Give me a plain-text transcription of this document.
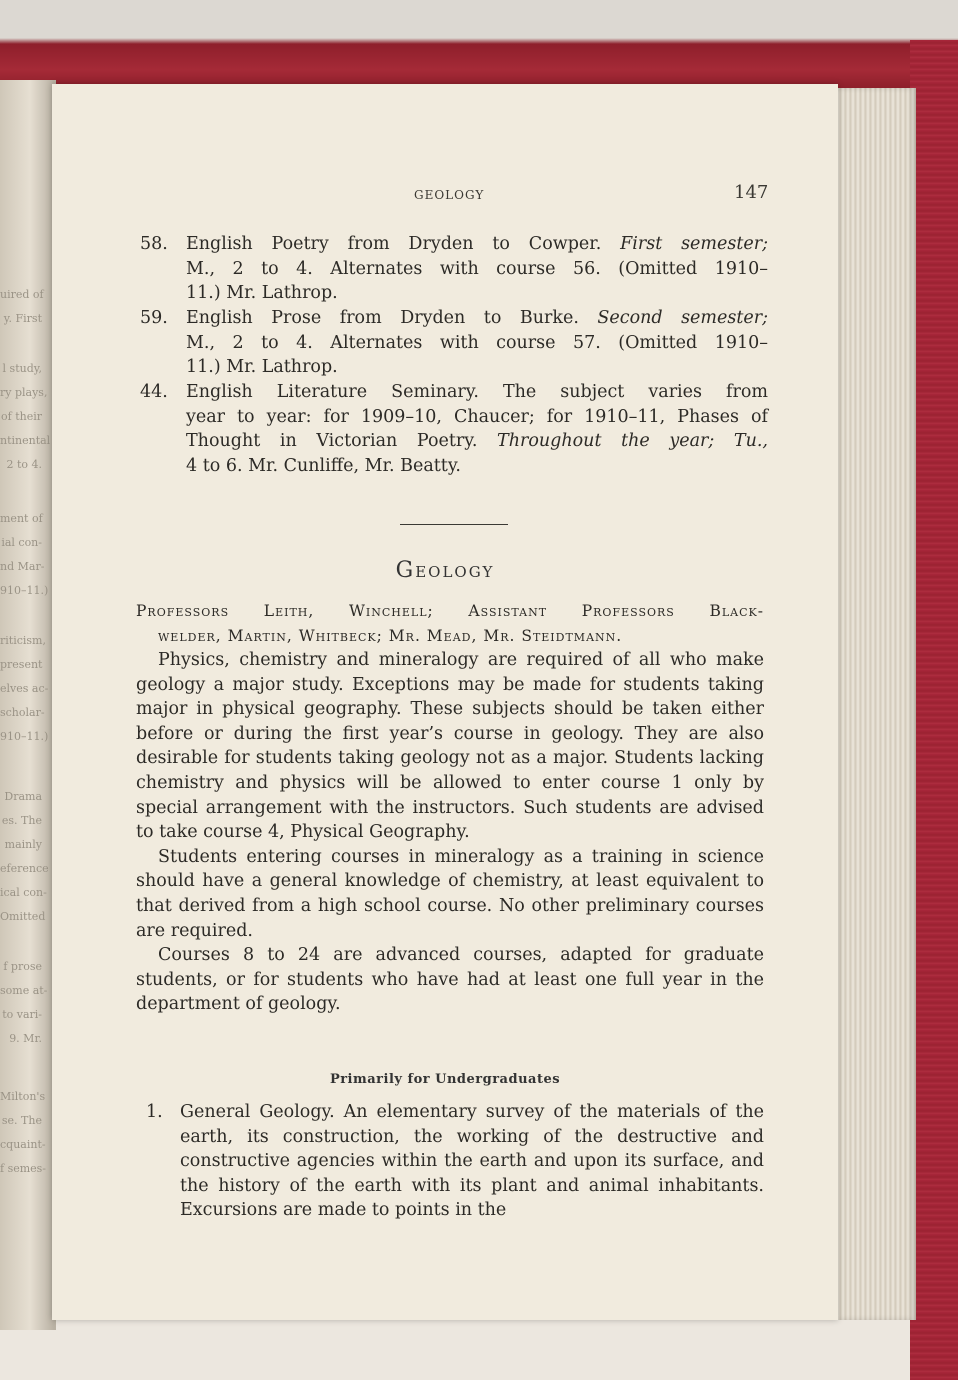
uired of
y. First
l study,
ry plays,
of their
ntinental
2 to 4.
ment of
ial con-
nd Mar-
910–11.)
riticism,
present
elves ac-
scholar-
910–11.)
Drama
es. The
mainly
eference
ical con-
Omitted
f prose
some at-
to vari-
9. Mr.
Milton's
se. The
cquaint-
f semes-
GEOLOGY	147
58. English Poetry from Dryden to Cowper. First semester;
M., 2 to 4. Alternates with course 56. (Omitted 1910–
11.) Mr. Lathrop.
59. English Prose from Dryden to Burke. Second semester;
M., 2 to 4. Alternates with course 57. (Omitted 1910–
11.) Mr. Lathrop.
44. English Literature Seminary. The subject varies from
year to year: for 1909–10, Chaucer; for 1910–11, Phases of
Thought in Victorian Poetry. Throughout the year; Tu.,
4 to 6. Mr. Cunliffe, Mr. Beatty.
Geology
Professors Leith, Winchell; Assistant Professors Black-
welder, Martin, Whitbeck; Mr. Mead, Mr. Steidtmann.
Physics, chemistry and mineralogy are required of all who make geology a major study. Exceptions may be made for students taking major in physical geography. These subjects should be taken either before or during the first year’s course in geology. They are also desirable for students taking geology not as a major. Students lacking chemistry and physics will be allowed to enter course 1 only by special arrangement with the instructors. Such students are advised to take course 4, Physical Geography.
Students entering courses in mineralogy as a training in science should have a general knowledge of chemistry, at least equivalent to that derived from a high school course. No other preliminary courses are required.
Courses 8 to 24 are advanced courses, adapted for graduate students, or for students who have had at least one full year in the department of geology.
Primarily for Undergraduates
1. General Geology. An elementary survey of the materials of the earth, its construction, the working of the destructive and constructive agencies within the earth and upon its surface, and the history of the earth with its plant and animal inhabitants. Excursions are made to points in the
